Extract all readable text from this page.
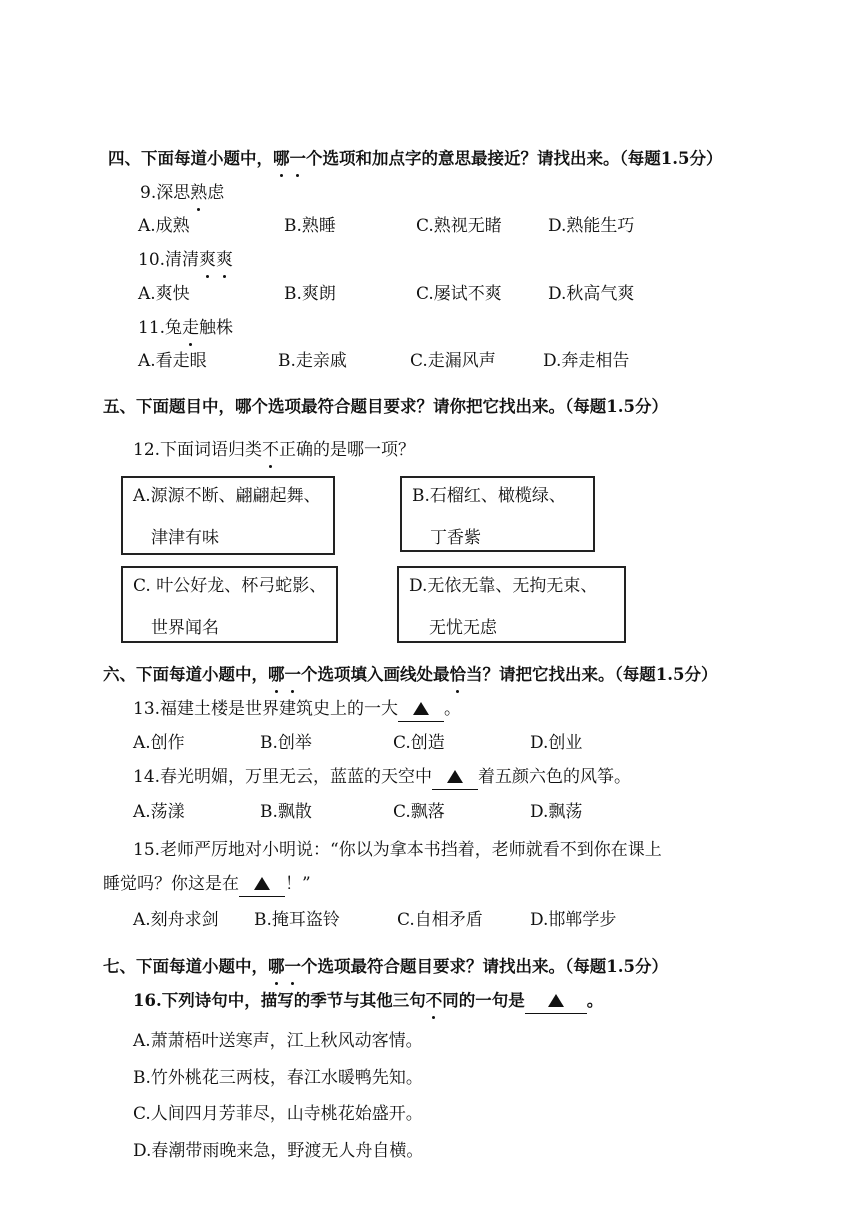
四、下面每道小题中，哪一个选项和加点字的意思最接近？请找出来。（每题1.5分）
9.深思熟虑
A.成熟	B.熟睡	C.熟视无睹	D.熟能生巧
10.清清爽爽
A.爽快	B.爽朗	C.屡试不爽	D.秋高气爽
11.兔走触株
A.看走眼	B.走亲戚	C.走漏风声	D.奔走相告
五、下面题目中，哪个选项最符合题目要求？请你把它找出来。（每题1.5分）
12.下面词语归类不正确的是哪一项？
A.源源不断、翩翩起舞、
津津有味
B.石榴红、橄榄绿、
丁香紫
C. 叶公好龙、杯弓蛇影、
世界闻名
D.无依无靠、无拘无束、
无忧无虑
六、下面每道小题中，哪一个选项填入画线处最恰当？请把它找出来。（每题1.5分）
13.福建土楼是世界建筑史上的一大	。
A.创作	B.创举	C.创造	D.创业
14.春光明媚，万里无云，蓝蓝的天空中	着五颜六色的风筝。
A.荡漾	B.飘散	C.飘落	D.飘荡
15.老师严厉地对小明说：“你以为拿本书挡着，老师就看不到你在课上
睡觉吗？你这是在	！”
A.刻舟求剑 B.掩耳盗铃	C.自相矛盾	D.邯郸学步
七、下面每道小题中，哪一个选项最符合题目要求？请找出来。（每题1.5分）
16.下列诗句中，描写的季节与其他三句不同的一句是	。
A.萧萧梧叶送寒声，江上秋风动客情。
B.竹外桃花三两枝，春江水暖鸭先知。
C.人间四月芳菲尽，山寺桃花始盛开。
D.春潮带雨晚来急，野渡无人舟自横。
